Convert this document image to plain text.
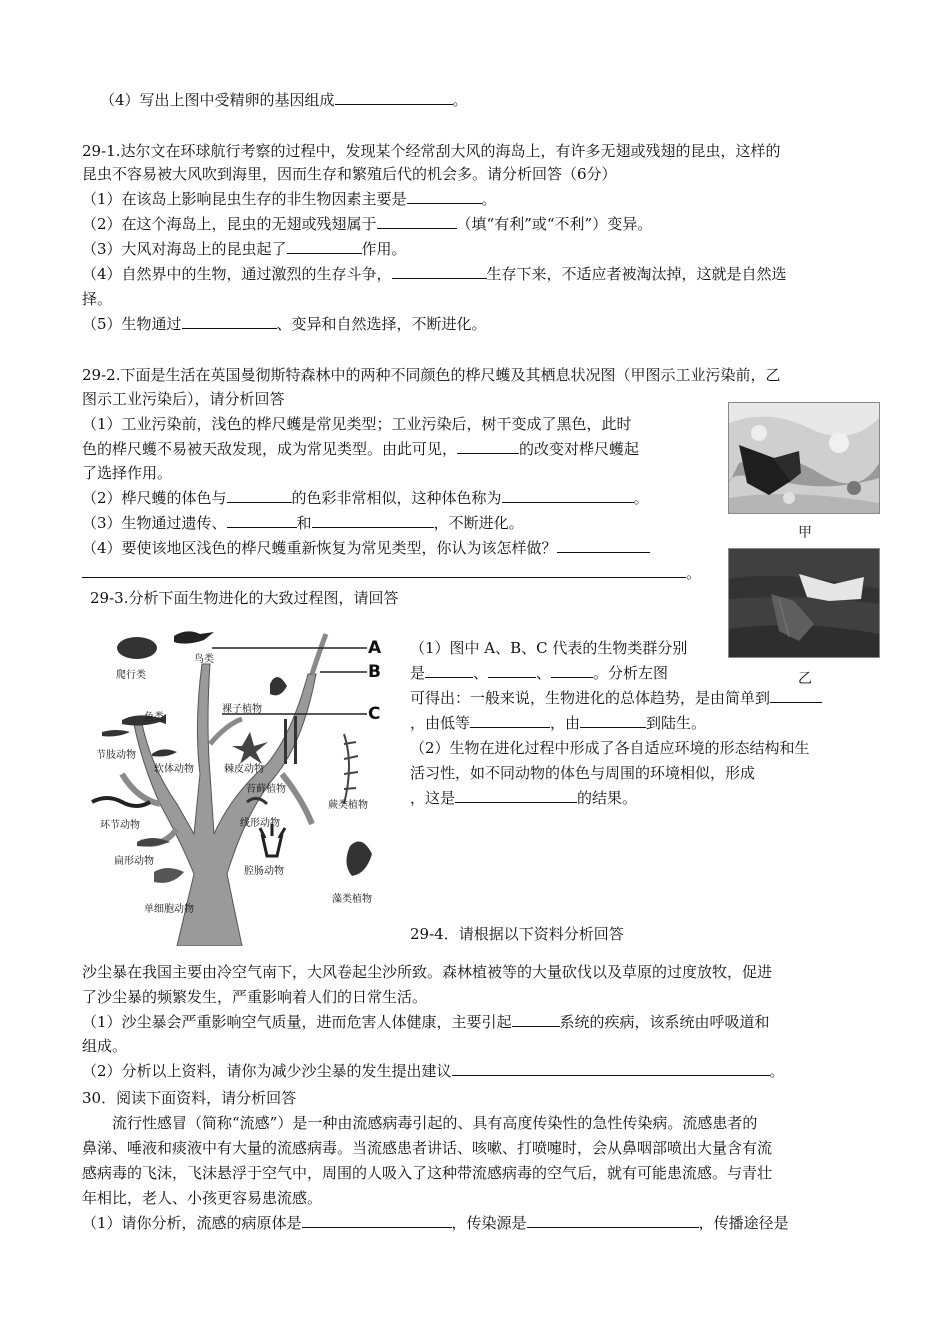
（4）写出上图中受精卵的基因组成	。
29-1.达尔文在环球航行考察的过程中，发现某个经常刮大风的海岛上，有许多无翅或残翅的昆虫，这样的
昆虫不容易被大风吹到海里，因而生存和繁殖后代的机会多。请分析回答（6分）
（1）在该岛上影响昆虫生存的非生物因素主要是	。
（2）在这个海岛上，昆虫的无翅或残翅属于	（填“有利”或“不利”）变异。
（3）大风对海岛上的昆虫起了	作用。
（4）自然界中的生物，通过激烈的生存斗争，	生存下来，不适应者被淘汰掉，这就是自然选
择。
（5）生物通过	、变异和自然选择，不断进化。
29-2.下面是生活在英国曼彻斯特森林中的两种不同颜色的桦尺蠖及其栖息状况图（甲图示工业污染前，乙
图示工业污染后），请分析回答
（1）工业污染前，浅色的桦尺蠖是常见类型；工业污染后，树干变成了黑色，此时
色的桦尺蠖不易被天敌发现，成为常见类型。由此可见，	的改变对桦尺蠖起
了选择作用。
（2）桦尺蠖的体色与	的色彩非常相似，这种体色称为	。
（3）生物通过遗传、	和	，不断进化。
（4）要使该地区浅色的桦尺蠖重新恢复为常见类型，你认为该怎样做？
。
甲
乙
29-3.分析下面生物进化的大致过程图，请回答
爬行类
鸟类
鱼类
裸子植物
节肢动物
软体动物	棘皮动物
苔藓植物
蕨类植物
环节动物	线形动物
扁形动物
腔肠动物
藻类植物
单细胞动物
A
B
C
（1）图中 A、B、C 代表的生物类群分别
是	、	、	。分析左图
可得出：一般来说，生物进化的总体趋势，是由简单到
，由低等	，由	到陆生。
（2）生物在进化过程中形成了各自适应环境的形态结构和生
活习性，如不同动物的体色与周围的环境相似，形成
，这是	的结果。
29-4．请根据以下资料分析回答
沙尘暴在我国主要由冷空气南下，大风卷起尘沙所致。森林植被等的大量砍伐以及草原的过度放牧，促进
了沙尘暴的频繁发生，严重影响着人们的日常生活。
（1）沙尘暴会严重影响空气质量，进而危害人体健康，主要引起	系统的疾病，该系统由呼吸道和
组成。
（2）分析以上资料，请你为减少沙尘暴的发生提出建议	。
30．阅读下面资料，请分析回答
流行性感冒（简称“流感”）是一种由流感病毒引起的、具有高度传染性的急性传染病。流感患者的
鼻涕、唾液和痰液中有大量的流感病毒。当流感患者讲话、咳嗽、打喷嚏时，会从鼻咽部喷出大量含有流
感病毒的飞沫，飞沫悬浮于空气中，周围的人吸入了这种带流感病毒的空气后，就有可能患流感。与青壮
年相比，老人、小孩更容易患流感。
（1）请你分析，流感的病原体是	，传染源是	，传播途径是
